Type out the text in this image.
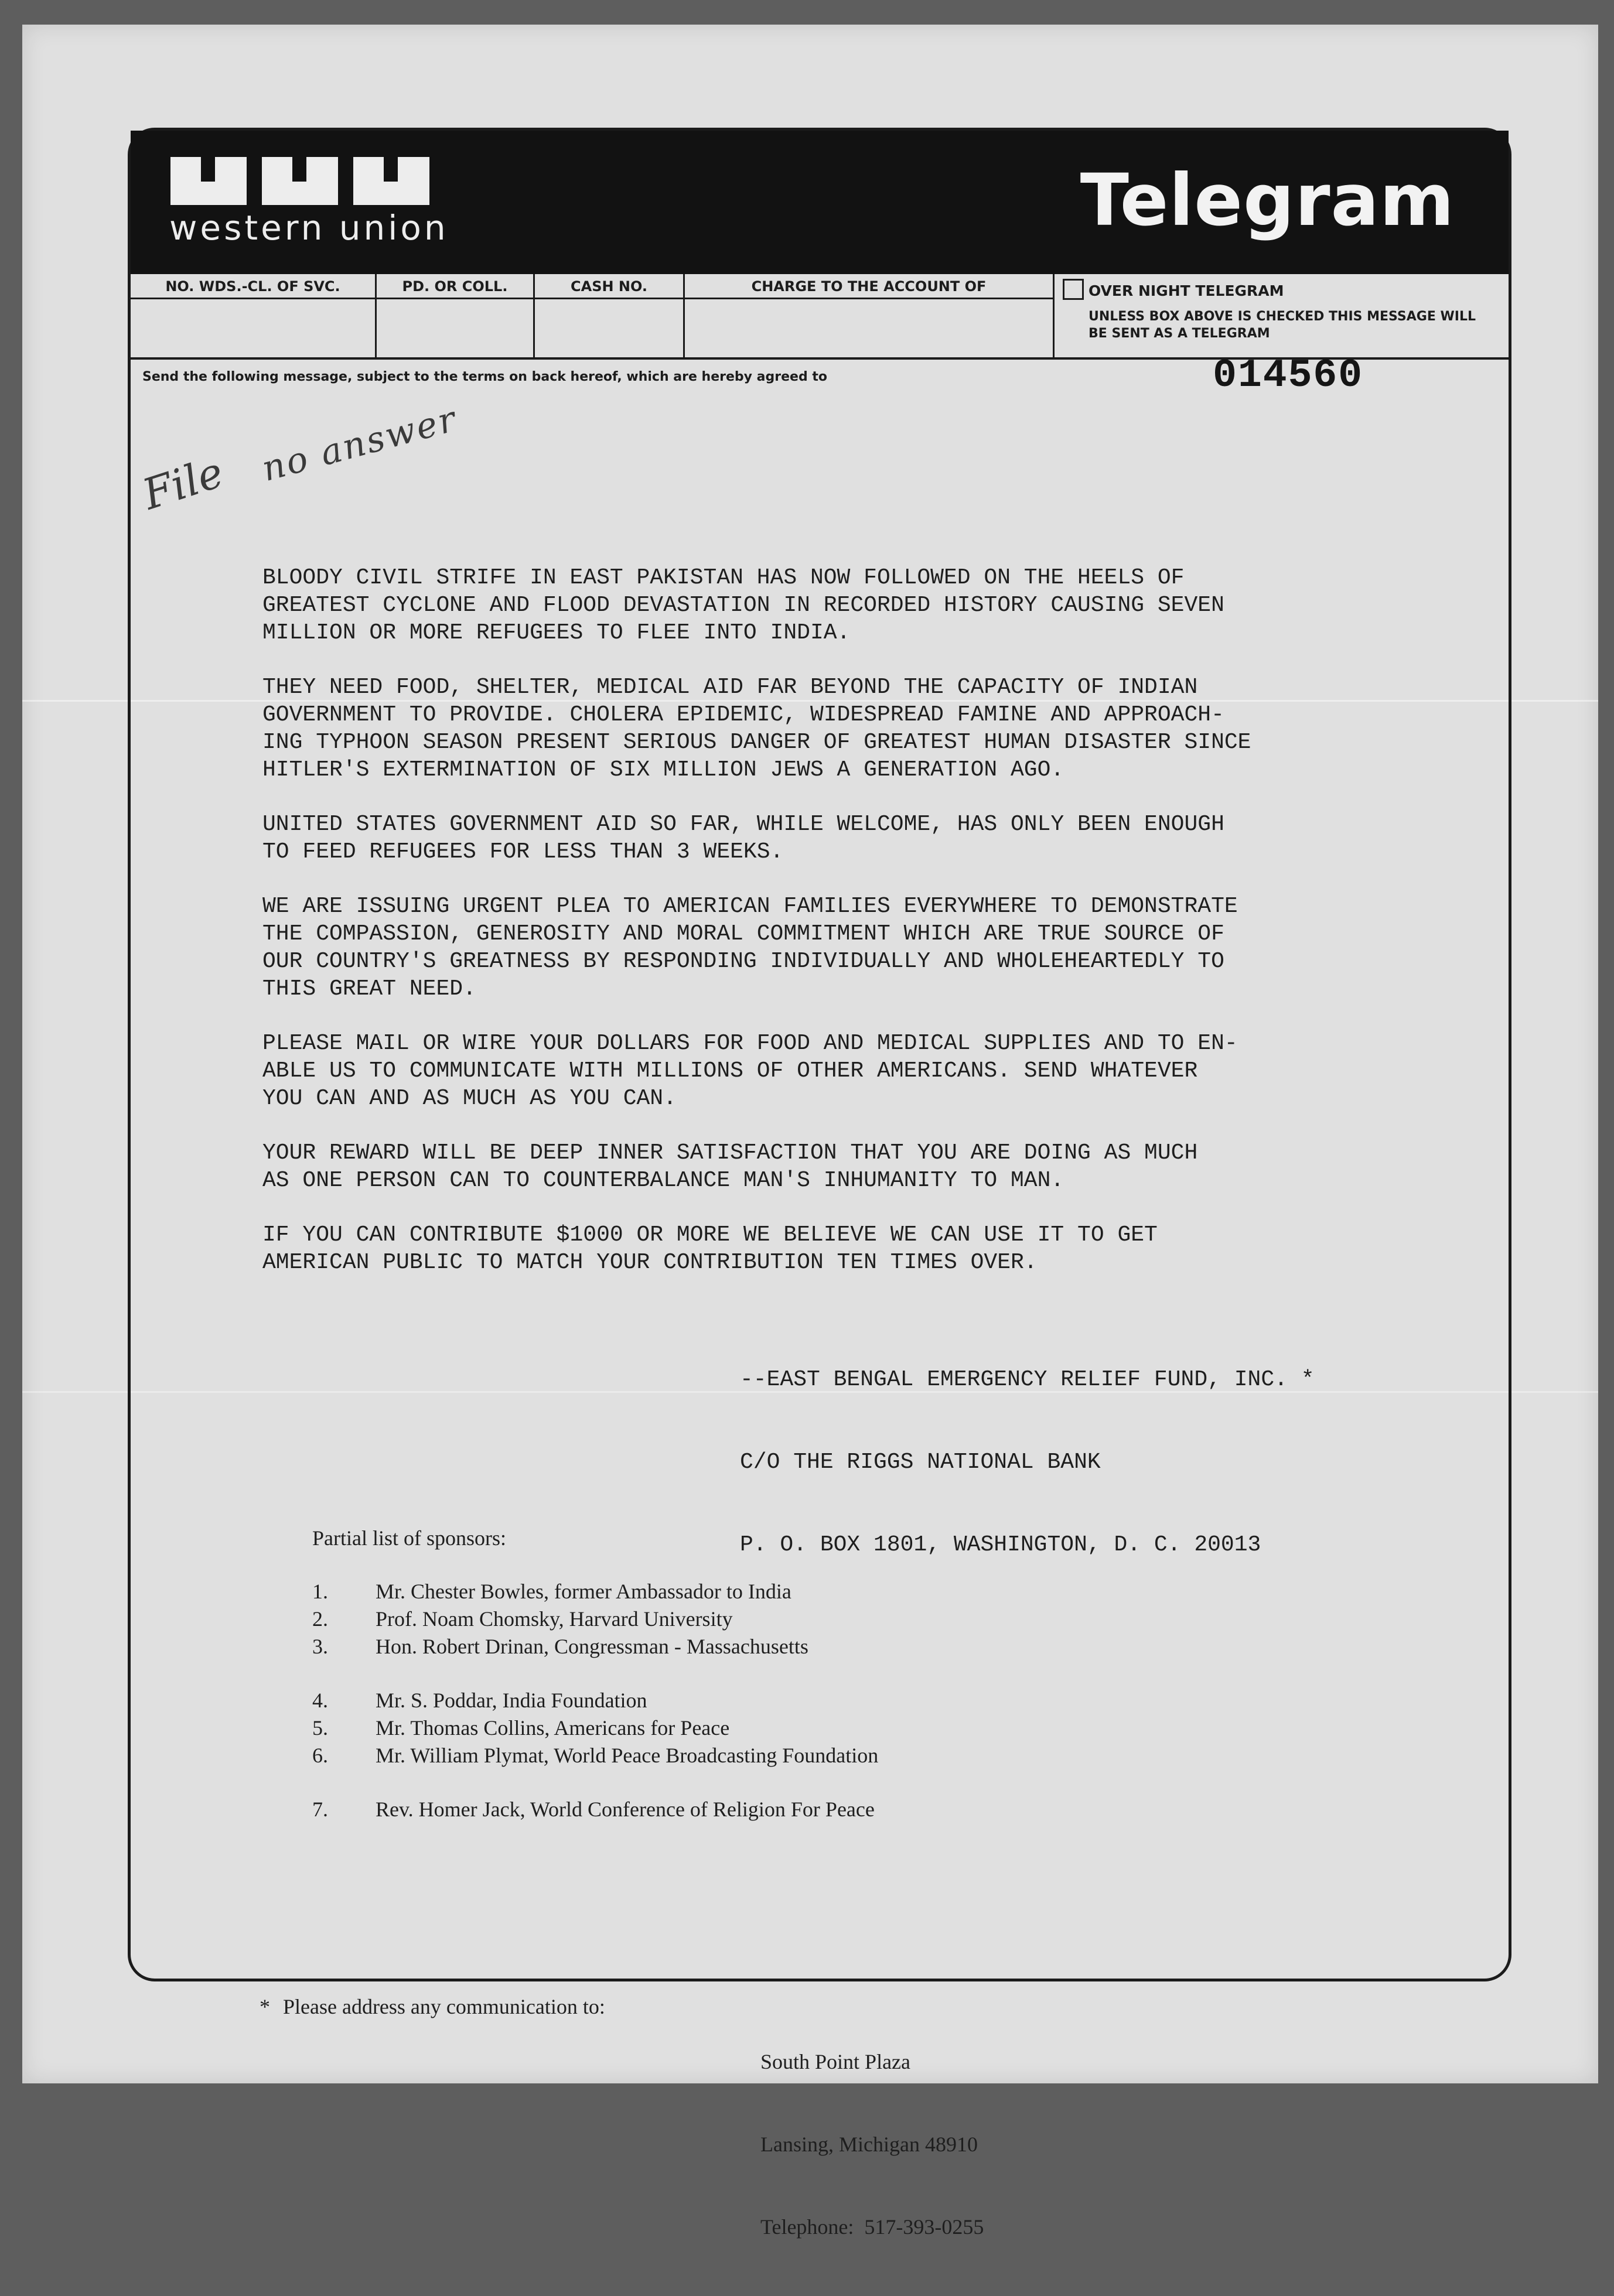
western union	Telegram
NO. WDS.-CL. OF SVC.	PD. OR COLL.	CASH NO.	CHARGE TO THE ACCOUNT OF	OVER NIGHT TELEGRAM
UNLESS BOX ABOVE IS CHECKED THIS MESSAGE WILL BE SENT AS A TELEGRAM
Send the following message, subject to the terms on back hereof, which are hereby agreed to	014560
File no answer

BLOODY CIVIL STRIFE IN EAST PAKISTAN HAS NOW FOLLOWED ON THE HEELS OF
GREATEST CYCLONE AND FLOOD DEVASTATION IN RECORDED HISTORY CAUSING SEVEN
MILLION OR MORE REFUGEES TO FLEE INTO INDIA.

THEY NEED FOOD, SHELTER, MEDICAL AID FAR BEYOND THE CAPACITY OF INDIAN
GOVERNMENT TO PROVIDE. CHOLERA EPIDEMIC, WIDESPREAD FAMINE AND APPROACH-
ING TYPHOON SEASON PRESENT SERIOUS DANGER OF GREATEST HUMAN DISASTER SINCE
HITLER'S EXTERMINATION OF SIX MILLION JEWS A GENERATION AGO.

UNITED STATES GOVERNMENT AID SO FAR, WHILE WELCOME, HAS ONLY BEEN ENOUGH
TO FEED REFUGEES FOR LESS THAN 3 WEEKS.

WE ARE ISSUING URGENT PLEA TO AMERICAN FAMILIES EVERYWHERE TO DEMONSTRATE
THE COMPASSION, GENEROSITY AND MORAL COMMITMENT WHICH ARE TRUE SOURCE OF
OUR COUNTRY'S GREATNESS BY RESPONDING INDIVIDUALLY AND WHOLEHEARTEDLY TO
THIS GREAT NEED.

PLEASE MAIL OR WIRE YOUR DOLLARS FOR FOOD AND MEDICAL SUPPLIES AND TO EN-
ABLE US TO COMMUNICATE WITH MILLIONS OF OTHER AMERICANS. SEND WHATEVER
YOU CAN AND AS MUCH AS YOU CAN.

YOUR REWARD WILL BE DEEP INNER SATISFACTION THAT YOU ARE DOING AS MUCH
AS ONE PERSON CAN TO COUNTERBALANCE MAN'S INHUMANITY TO MAN.

IF YOU CAN CONTRIBUTE $1000 OR MORE WE BELIEVE WE CAN USE IT TO GET
AMERICAN PUBLIC TO MATCH YOUR CONTRIBUTION TEN TIMES OVER.

--EAST BENGAL EMERGENCY RELIEF FUND, INC. *

C/O THE RIGGS NATIONAL BANK

P. O. BOX 1801, WASHINGTON, D. C. 20013

Partial list of sponsors:
1.	Mr. Chester Bowles, former Ambassador to India
2.	Prof. Noam Chomsky, Harvard University
3.	Hon. Robert Drinan, Congressman - Massachusetts
4.	Mr. S. Poddar, India Foundation
5.	Mr. Thomas Collins, Americans for Peace
6.	Mr. William Plymat, World Peace Broadcasting Foundation
7.	Rev. Homer Jack, World Conference of Religion For Peace
* Please address any communication to:

South Point Plaza

Lansing, Michigan 48910

Telephone:  517-393-0255
